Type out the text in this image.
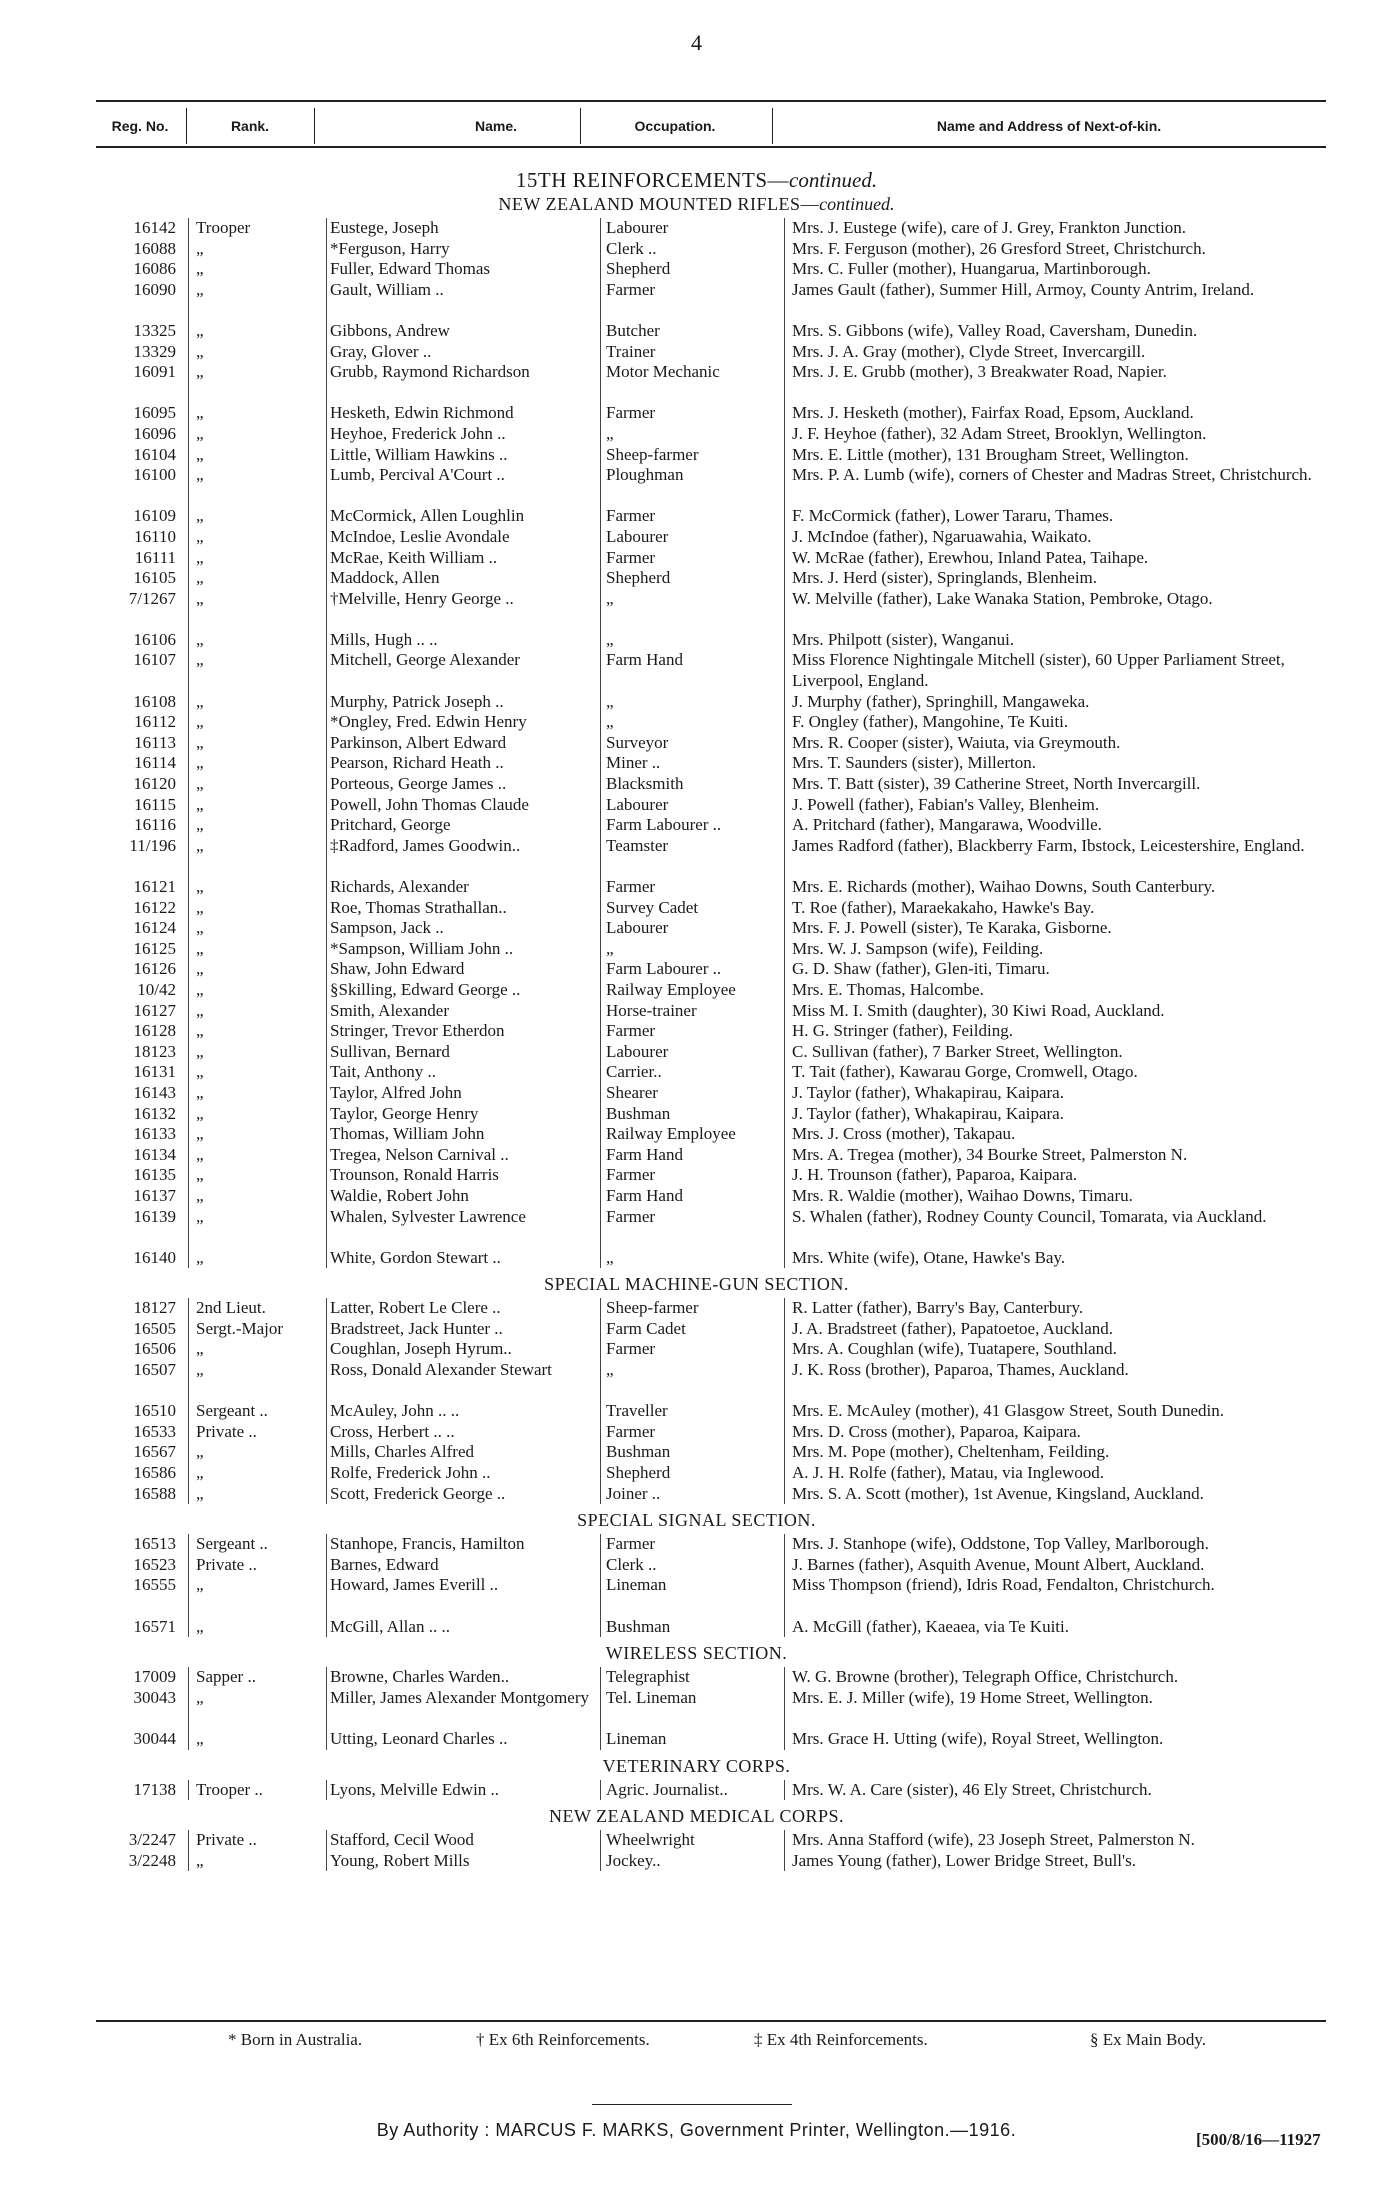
4
Reg. No.	Rank.	Name.	Occupation.	Name and Address of Next-of-kin.
15TH REINFORCEMENTS—continued.
NEW ZEALAND MOUNTED RIFLES—continued.
16142 Trooper	Eustege, Joseph	Labourer	Mrs. J. Eustege (wife), care of J. Grey, Frankton Junction.
16088 „	*Ferguson, Harry	Clerk ..	Mrs. F. Ferguson (mother), 26 Gresford Street, Christchurch.
16086 „	Fuller, Edward Thomas	Shepherd	Mrs. C. Fuller (mother), Huangarua, Martinborough.
16090 „	Gault, William ..	Farmer	James Gault (father), Summer Hill, Armoy, County Antrim, Ireland.
13325 „	Gibbons, Andrew	Butcher	Mrs. S. Gibbons (wife), Valley Road, Caversham, Dunedin.
13329 „	Gray, Glover ..	Trainer	Mrs. J. A. Gray (mother), Clyde Street, Invercargill.
16091 „	Grubb, Raymond Richardson	Motor Mechanic	Mrs. J. E. Grubb (mother), 3 Breakwater Road, Napier.
16095 „	Hesketh, Edwin Richmond	Farmer	Mrs. J. Hesketh (mother), Fairfax Road, Epsom, Auckland.
16096 „	Heyhoe, Frederick John ..	„	J. F. Heyhoe (father), 32 Adam Street, Brooklyn, Wellington.
16104 „	Little, William Hawkins ..	Sheep-farmer	Mrs. E. Little (mother), 131 Brougham Street, Wellington.
16100 „	Lumb, Percival A'Court ..	Ploughman	Mrs. P. A. Lumb (wife), corners of Chester and Madras Street, Christchurch.
16109 „	McCormick, Allen Loughlin	Farmer	F. McCormick (father), Lower Tararu, Thames.
16110 „	McIndoe, Leslie Avondale	Labourer	J. McIndoe (father), Ngaruawahia, Waikato.
16111 „	McRae, Keith William ..	Farmer	W. McRae (father), Erewhou, Inland Patea, Taihape.
16105 „	Maddock, Allen	Shepherd	Mrs. J. Herd (sister), Springlands, Blenheim.
7/1267 „	†Melville, Henry George ..	„	W. Melville (father), Lake Wanaka Station, Pembroke, Otago.
16106 „	Mills, Hugh .. ..	„	Mrs. Philpott (sister), Wanganui.
16107 „	Mitchell, George Alexander	Farm Hand	Miss Florence Nightingale Mitchell (sister), 60 Upper Parliament Street, Liverpool, England.
16108 „	Murphy, Patrick Joseph ..	„	J. Murphy (father), Springhill, Mangaweka.
16112 „	*Ongley, Fred. Edwin Henry	„	F. Ongley (father), Mangohine, Te Kuiti.
16113 „	Parkinson, Albert Edward	Surveyor	Mrs. R. Cooper (sister), Waiuta, via Greymouth.
16114 „	Pearson, Richard Heath ..	Miner ..	Mrs. T. Saunders (sister), Millerton.
16120 „	Porteous, George James ..	Blacksmith	Mrs. T. Batt (sister), 39 Catherine Street, North Invercargill.
16115 „	Powell, John Thomas Claude	Labourer	J. Powell (father), Fabian's Valley, Blenheim.
16116 „	Pritchard, George	Farm Labourer ..	A. Pritchard (father), Mangarawa, Woodville.
11/196 „	‡Radford, James Goodwin..	Teamster	James Radford (father), Blackberry Farm, Ibstock, Leicestershire, England.
16121 „	Richards, Alexander	Farmer	Mrs. E. Richards (mother), Waihao Downs, South Canterbury.
16122 „	Roe, Thomas Strathallan..	Survey Cadet	T. Roe (father), Maraekakaho, Hawke's Bay.
16124 „	Sampson, Jack ..	Labourer	Mrs. F. J. Powell (sister), Te Karaka, Gisborne.
16125 „	*Sampson, William John ..	„	Mrs. W. J. Sampson (wife), Feilding.
16126 „	Shaw, John Edward	Farm Labourer ..	G. D. Shaw (father), Glen-iti, Timaru.
10/42 „	§Skilling, Edward George ..	Railway Employee	Mrs. E. Thomas, Halcombe.
16127 „	Smith, Alexander	Horse-trainer	Miss M. I. Smith (daughter), 30 Kiwi Road, Auckland.
16128 „	Stringer, Trevor Etherdon	Farmer	H. G. Stringer (father), Feilding.
18123 „	Sullivan, Bernard	Labourer	C. Sullivan (father), 7 Barker Street, Wellington.
16131 „	Tait, Anthony ..	Carrier..	T. Tait (father), Kawarau Gorge, Cromwell, Otago.
16143 „	Taylor, Alfred John	Shearer	J. Taylor (father), Whakapirau, Kaipara.
16132 „	Taylor, George Henry	Bushman	J. Taylor (father), Whakapirau, Kaipara.
16133 „	Thomas, William John	Railway Employee	Mrs. J. Cross (mother), Takapau.
16134 „	Tregea, Nelson Carnival ..	Farm Hand	Mrs. A. Tregea (mother), 34 Bourke Street, Palmerston N.
16135 „	Trounson, Ronald Harris	Farmer	J. H. Trounson (father), Paparoa, Kaipara.
16137 „	Waldie, Robert John	Farm Hand	Mrs. R. Waldie (mother), Waihao Downs, Timaru.
16139 „	Whalen, Sylvester Lawrence	Farmer	S. Whalen (father), Rodney County Council, Tomarata, via Auckland.
16140 „	White, Gordon Stewart ..	„	Mrs. White (wife), Otane, Hawke's Bay.
SPECIAL MACHINE-GUN SECTION.
18127 2nd Lieut.	Latter, Robert Le Clere ..	Sheep-farmer	R. Latter (father), Barry's Bay, Canterbury.
16505 Sergt.-Major	Bradstreet, Jack Hunter ..	Farm Cadet	J. A. Bradstreet (father), Papatoetoe, Auckland.
16506 „	Coughlan, Joseph Hyrum..	Farmer	Mrs. A. Coughlan (wife), Tuatapere, Southland.
16507 „	Ross, Donald Alexander Stewart	„	J. K. Ross (brother), Paparoa, Thames, Auckland.
16510 Sergeant ..	McAuley, John .. ..	Traveller	Mrs. E. McAuley (mother), 41 Glasgow Street, South Dunedin.
16533 Private ..	Cross, Herbert .. ..	Farmer	Mrs. D. Cross (mother), Paparoa, Kaipara.
16567 „	Mills, Charles Alfred	Bushman	Mrs. M. Pope (mother), Cheltenham, Feilding.
16586 „	Rolfe, Frederick John ..	Shepherd	A. J. H. Rolfe (father), Matau, via Inglewood.
16588 „	Scott, Frederick George ..	Joiner ..	Mrs. S. A. Scott (mother), 1st Avenue, Kingsland, Auckland.
SPECIAL SIGNAL SECTION.
16513 Sergeant ..	Stanhope, Francis, Hamilton	Farmer	Mrs. J. Stanhope (wife), Oddstone, Top Valley, Marlborough.
16523 Private ..	Barnes, Edward	Clerk ..	J. Barnes (father), Asquith Avenue, Mount Albert, Auckland.
16555 „	Howard, James Everill ..	Lineman	Miss Thompson (friend), Idris Road, Fendalton, Christchurch.
16571 „	McGill, Allan .. ..	Bushman	A. McGill (father), Kaeaea, via Te Kuiti.
WIRELESS SECTION.
17009 Sapper ..	Browne, Charles Warden..	Telegraphist	W. G. Browne (brother), Telegraph Office, Christchurch.
30043 „	Miller, James Alexander Montgomery	Tel. Lineman	Mrs. E. J. Miller (wife), 19 Home Street, Wellington.
30044 „	Utting, Leonard Charles ..	Lineman	Mrs. Grace H. Utting (wife), Royal Street, Wellington.
VETERINARY CORPS.
17138 Trooper ..	Lyons, Melville Edwin ..	Agric. Journalist..	Mrs. W. A. Care (sister), 46 Ely Street, Christchurch.
NEW ZEALAND MEDICAL CORPS.
3/2247 Private ..	Stafford, Cecil Wood	Wheelwright	Mrs. Anna Stafford (wife), 23 Joseph Street, Palmerston N.
3/2248 „	Young, Robert Mills	Jockey..	James Young (father), Lower Bridge Street, Bull's.
* Born in Australia.	† Ex 6th Reinforcements.	‡ Ex 4th Reinforcements.	§ Ex Main Body.
By Authority : MARCUS F. MARKS, Government Printer, Wellington.—1916.	[500/8/16—11927
